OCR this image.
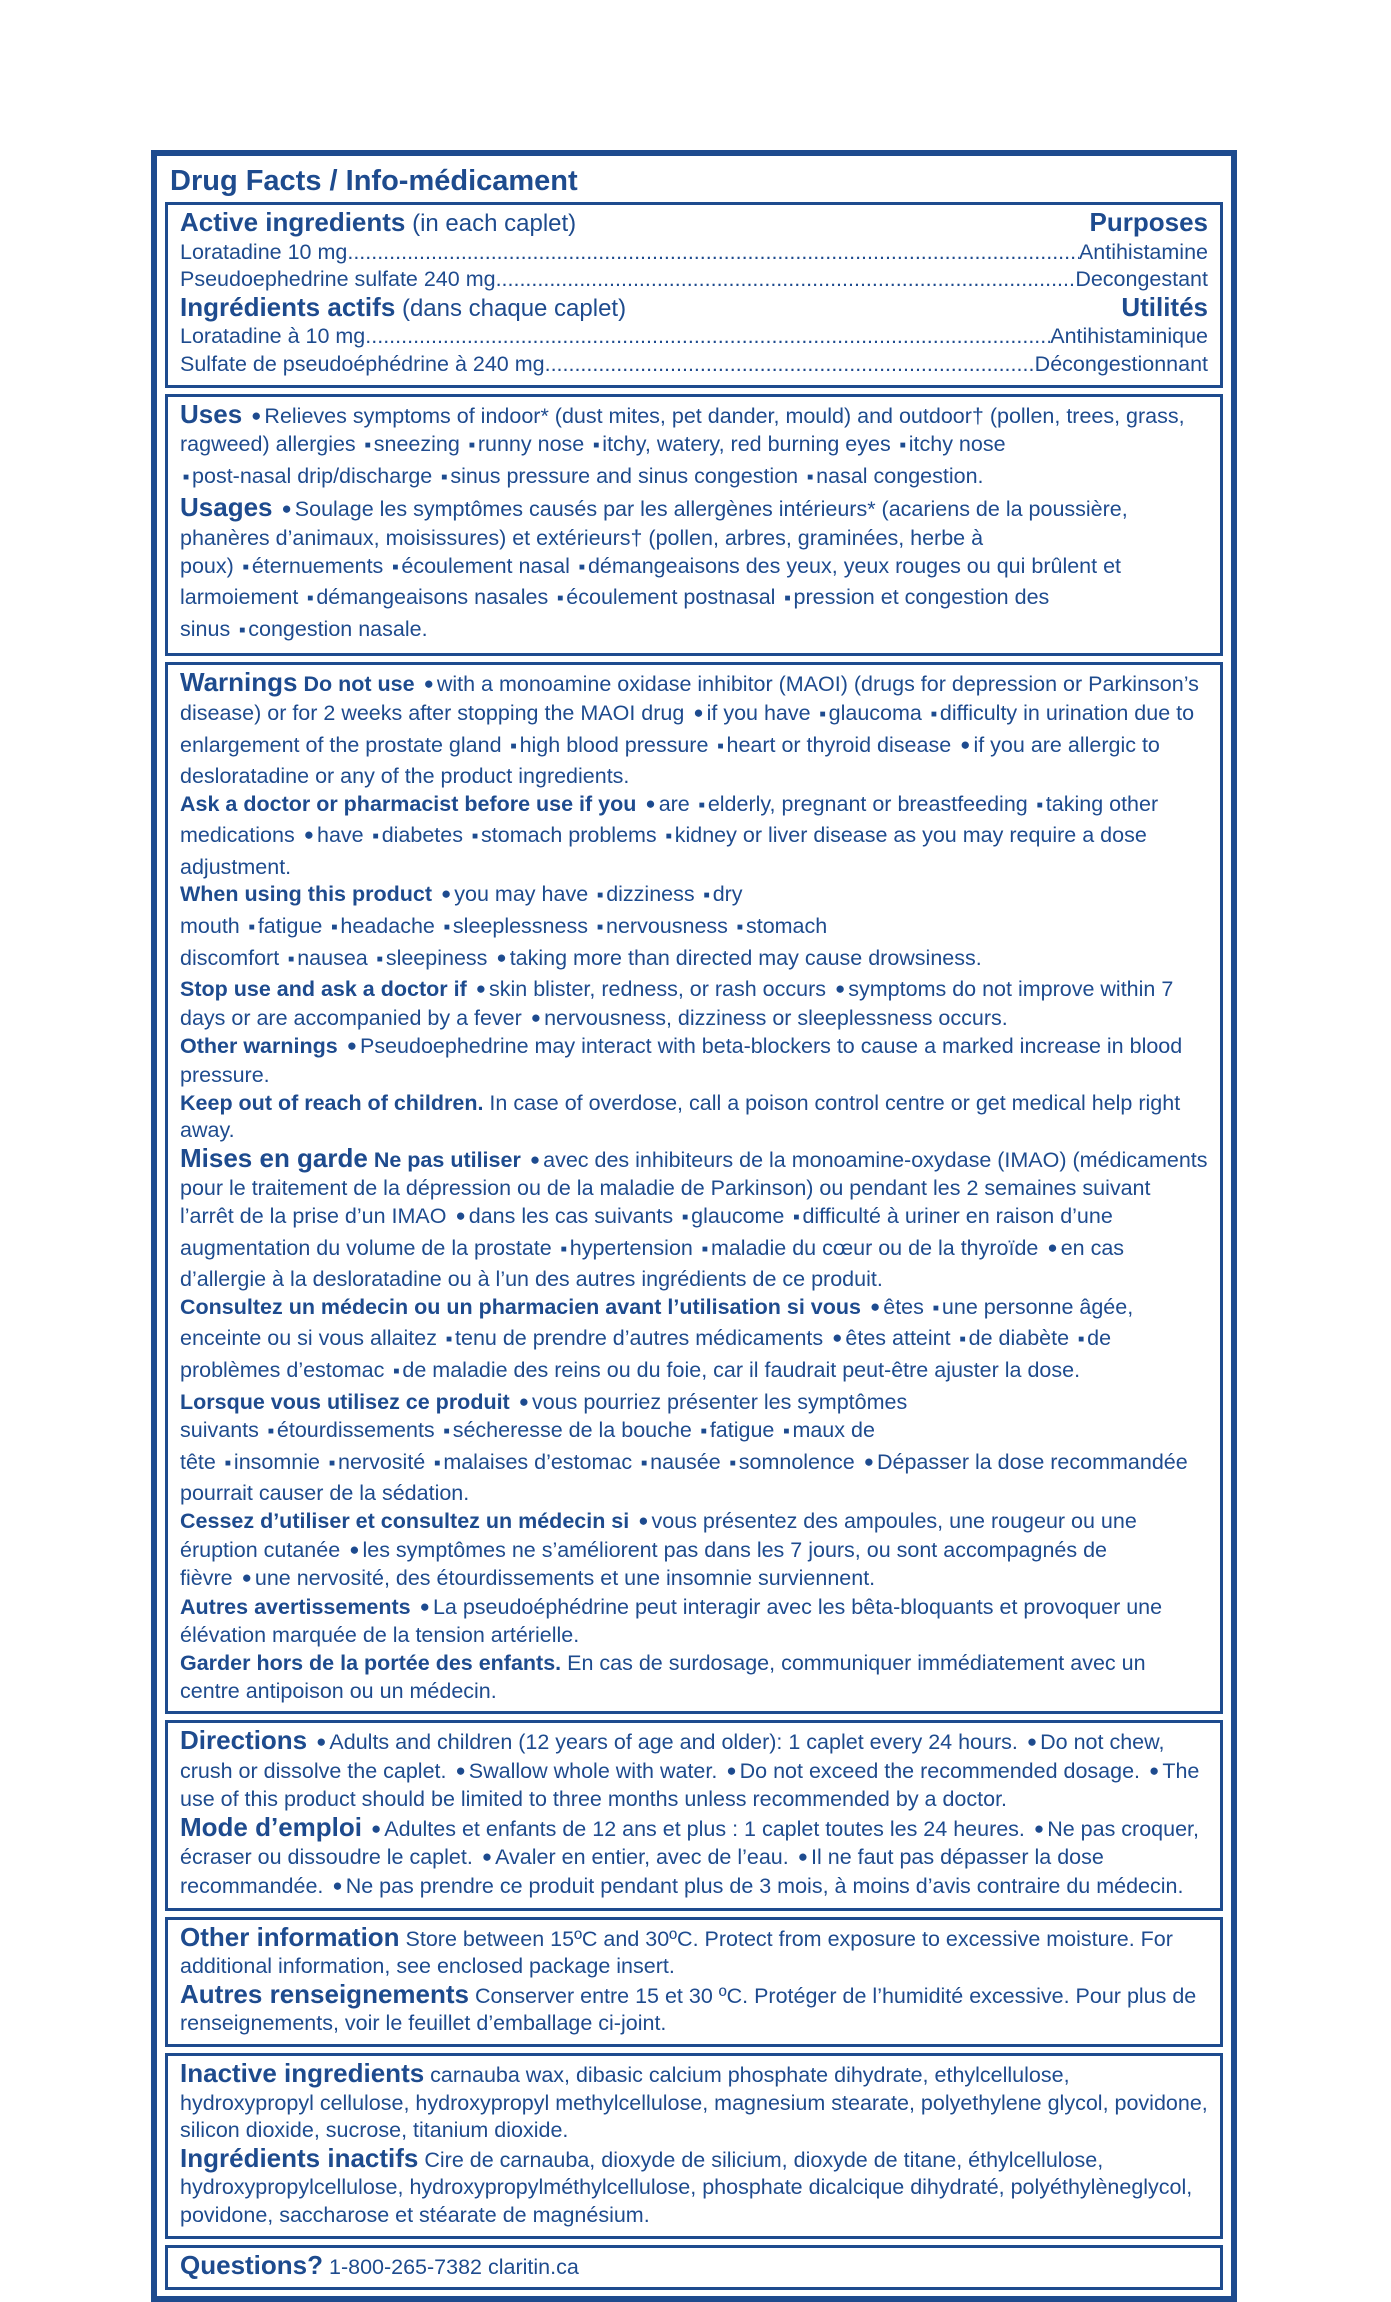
Drug Facts / Info-médicament
Active ingredients (in each caplet)	Purposes
Loratadine 10 mg .....	Antihistamine
Pseudoephedrine sulfate 240 mg .....	Decongestant
Ingrédients actifs (dans chaque caplet)	Utilités
Loratadine à 10 mg .....	Antihistaminique
Sulfate de pseudoéphédrine à 240 mg .....	Décongestionnant

Uses ● Relieves symptoms of indoor* (dust mites, pet dander, mould) and outdoor† (pollen, trees, grass, ragweed) allergies ■ sneezing ■ runny nose ■ itchy, watery, red burning eyes ■ itchy nose
■ post-nasal drip/discharge ■ sinus pressure and sinus congestion ■ nasal congestion.

Usages ● Soulage les symptômes causés par les allergènes intérieurs* (acariens de la poussière, phanères d’animaux, moisissures) et extérieurs† (pollen, arbres, graminées, herbe à poux) ■ éternuements ■ écoulement nasal ■ démangeaisons des yeux, yeux rouges ou qui brûlent et larmoiement ■ démangeaisons nasales ■ écoulement postnasal ■ pression et congestion des sinus ■ congestion nasale.

Warnings Do not use ● with a monoamine oxidase inhibitor (MAOI) (drugs for depression or Parkinson’s disease) or for 2 weeks after stopping the MAOI drug ● if you have ■ glaucoma ■ difficulty in urination due to enlargement of the prostate gland ■ high blood pressure ■ heart or thyroid disease ● if you are allergic to desloratadine or any of the product ingredients.

Ask a doctor or pharmacist before use if you ● are ■ elderly, pregnant or breastfeeding ■ taking other medications ● have ■ diabetes ■ stomach problems ■ kidney or liver disease as you may require a dose adjustment.

When using this product ● you may have ■ dizziness ■ dry mouth ■ fatigue ■ headache ■ sleeplessness ■ nervousness ■ stomach discomfort ■ nausea ■ sleepiness ● taking more than directed may cause drowsiness.

Stop use and ask a doctor if ● skin blister, redness, or rash occurs ● symptoms do not improve within 7 days or are accompanied by a fever ● nervousness, dizziness or sleeplessness occurs.

Other warnings ● Pseudoephedrine may interact with beta-blockers to cause a marked increase in blood pressure.

Keep out of reach of children. In case of overdose, call a poison control centre or get medical help right away.

Mises en garde Ne pas utiliser ● avec des inhibiteurs de la monoamine-oxydase (IMAO) (médicaments pour le traitement de la dépression ou de la maladie de Parkinson) ou pendant les 2 semaines suivant l’arrêt de la prise d’un IMAO ● dans les cas suivants ■ glaucome ■ difficulté à uriner en raison d’une augmentation du volume de la prostate ■ hypertension ■ maladie du cœur ou de la thyroïde ● en cas d’allergie à la desloratadine ou à l’un des autres ingrédients de ce produit.

Consultez un médecin ou un pharmacien avant l’utilisation si vous ● êtes ■ une personne âgée, enceinte ou si vous allaitez ■ tenu de prendre d’autres médicaments ● êtes atteint ■ de diabète ■ de problèmes d’estomac ■ de maladie des reins ou du foie, car il faudrait peut-être ajuster la dose.

Lorsque vous utilisez ce produit ● vous pourriez présenter les symptômes suivants ■ étourdissements ■ sécheresse de la bouche ■ fatigue ■ maux de tête ■ insomnie ■ nervosité ■ malaises d’estomac ■ nausée ■ somnolence ● Dépasser la dose recommandée pourrait causer de la sédation.

Cessez d’utiliser et consultez un médecin si ● vous présentez des ampoules, une rougeur ou une éruption cutanée ● les symptômes ne s’améliorent pas dans les 7 jours, ou sont accompagnés de fièvre ● une nervosité, des étourdissements et une insomnie surviennent.

Autres avertissements ● La pseudoéphédrine peut interagir avec les bêta-bloquants et provoquer une élévation marquée de la tension artérielle.

Garder hors de la portée des enfants. En cas de surdosage, communiquer immédiatement avec un centre antipoison ou un médecin.

Directions ● Adults and children (12 years of age and older): 1 caplet every 24 hours. ● Do not chew, crush or dissolve the caplet. ● Swallow whole with water. ● Do not exceed the recommended dosage. ● The use of this product should be limited to three months unless recommended by a doctor.

Mode d’emploi ● Adultes et enfants de 12 ans et plus : 1 caplet toutes les 24 heures. ● Ne pas croquer, écraser ou dissoudre le caplet. ● Avaler en entier, avec de l’eau. ● Il ne faut pas dépasser la dose recommandée. ● Ne pas prendre ce produit pendant plus de 3 mois, à moins d’avis contraire du médecin.

Other information Store between 15ºC and 30ºC. Protect from exposure to excessive moisture. For additional information, see enclosed package insert.

Autres renseignements Conserver entre 15 et 30 ºC. Protéger de l’humidité excessive. Pour plus de renseignements, voir le feuillet d’emballage ci-joint.

Inactive ingredients carnauba wax, dibasic calcium phosphate dihydrate, ethylcellulose, hydroxypropyl cellulose, hydroxypropyl methylcellulose, magnesium stearate, polyethylene glycol, povidone, silicon dioxide, sucrose, titanium dioxide.

Ingrédients inactifs Cire de carnauba, dioxyde de silicium, dioxyde de titane, éthylcellulose, hydroxypropylcellulose, hydroxypropylméthylcellulose, phosphate dicalcique dihydraté, polyéthylèneglycol, povidone, saccharose et stéarate de magnésium.

Questions? 1-800-265-7382 claritin.ca
